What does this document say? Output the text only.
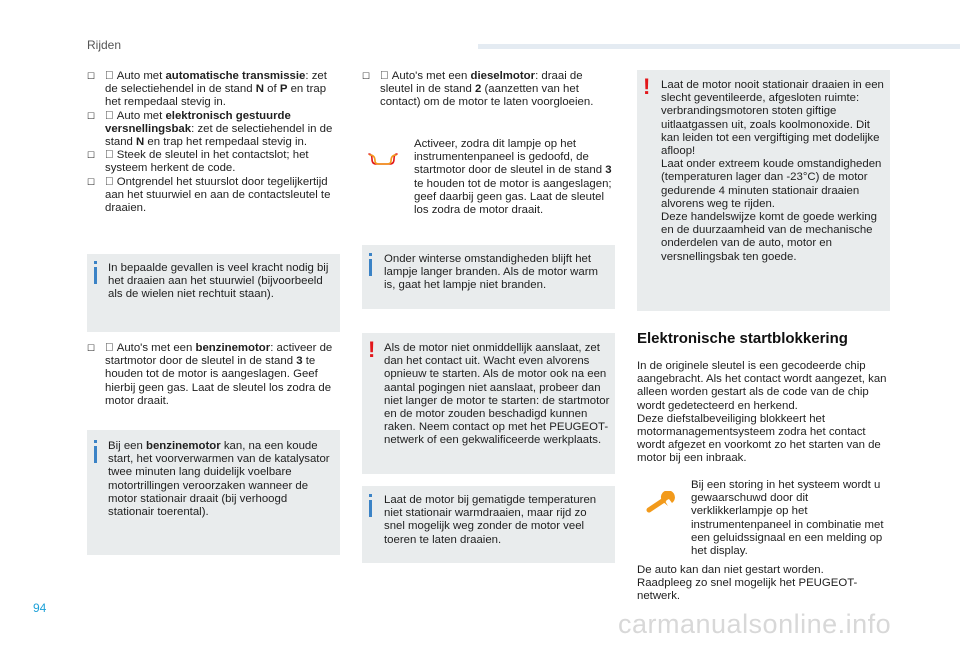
Rijden

☐ Auto met automatische transmissie: zet de selectiehendel in de stand N of P en trap het rempedaal stevig in.

☐ Auto met elektronisch gestuurde versnellingsbak: zet de selectiehendel in de stand N en trap het rempedaal stevig in.

☐ Steek de sleutel in het contactslot; het systeem herkent de code.

☐ Ontgrendel het stuurslot door tegelijkertijd aan het stuurwiel en aan de contactsleutel te draaien.
In bepaalde gevallen is veel kracht nodig bij het draaien aan het stuurwiel (bijvoorbeeld als de wielen niet rechtuit staan).

☐ Auto's met een benzinemotor: activeer de startmotor door de sleutel in de stand 3 te houden tot de motor is aangeslagen. Geef hierbij geen gas. Laat de sleutel los zodra de motor draait.
Bij een benzinemotor kan, na een koude start, het voorverwarmen van de katalysator twee minuten lang duidelijk voelbare motortrillingen veroorzaken wanneer de motor stationair draait (bij verhoogd stationair toerental).

☐ Auto's met een dieselmotor: draai de sleutel in de stand 2 (aanzetten van het contact) om de motor te laten voorgloeien.
Activeer, zodra dit lampje op het instrumentenpaneel is gedoofd, de startmotor door de sleutel in de stand 3 te houden tot de motor is aangeslagen; geef daarbij geen gas. Laat de sleutel los zodra de motor draait.
Onder winterse omstandigheden blijft het lampje langer branden. Als de motor warm is, gaat het lampje niet branden.
! Als de motor niet onmiddellijk aanslaat, zet dan het contact uit. Wacht even alvorens opnieuw te starten. Als de motor ook na een aantal pogingen niet aanslaat, probeer dan niet langer de motor te starten: de startmotor en de motor zouden beschadigd kunnen raken. Neem contact op met het PEUGEOT-netwerk of een gekwalificeerde werkplaats.
Laat de motor bij gematigde temperaturen niet stationair warmdraaien, maar rijd zo snel mogelijk weg zonder de motor veel toeren te laten draaien.
! Laat de motor nooit stationair draaien in een slecht geventileerde, afgesloten ruimte: verbrandingsmotoren stoten giftige uitlaatgassen uit, zoals koolmonoxide. Dit kan leiden tot een vergiftiging met dodelijke afloop!
Laat onder extreem koude omstandigheden (temperaturen lager dan -23°C) de motor gedurende 4 minuten stationair draaien alvorens weg te rijden.
Deze handelswijze komt de goede werking en de duurzaamheid van de mechanische onderdelen van de auto, motor en versnellingsbak ten goede.
Elektronische startblokkering
In de originele sleutel is een gecodeerde chip aangebracht. Als het contact wordt aangezet, kan alleen worden gestart als de code van de chip wordt gedetecteerd en herkend.
Deze diefstalbeveiliging blokkeert het motormanagementsysteem zodra het contact wordt afgezet en voorkomt zo het starten van de motor bij een inbraak.
Bij een storing in het systeem wordt u gewaarschuwd door dit verklikkerlampje op het instrumentenpaneel in combinatie met een geluidssignaal en een melding op het display.
De auto kan dan niet gestart worden.
Raadpleeg zo snel mogelijk het PEUGEOT-netwerk.
94
carmanualsonline.info
